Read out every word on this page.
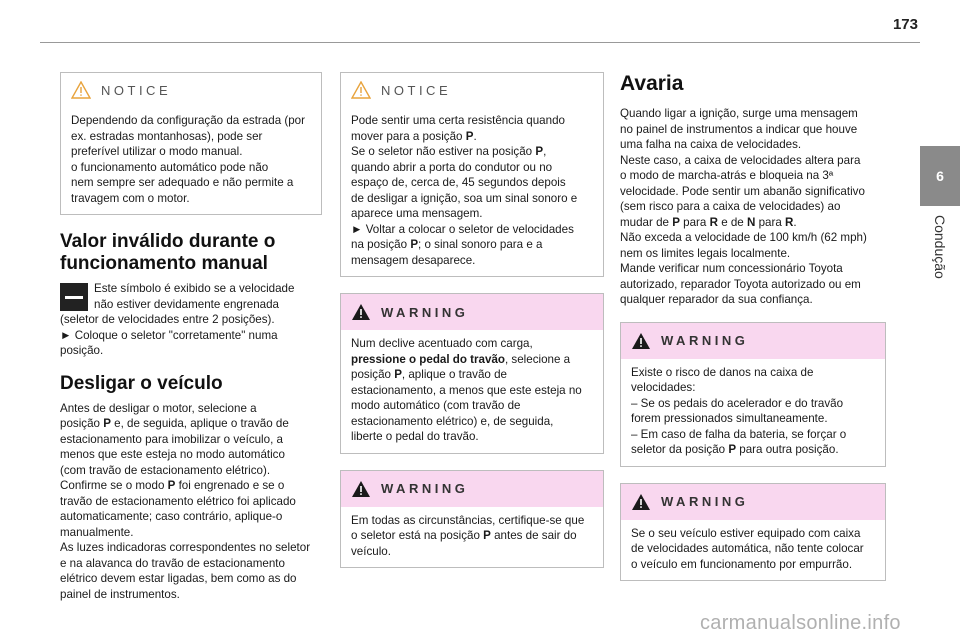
173
6
Condução
NOTICE

Dependendo da configuração da estrada (por

ex. estradas montanhosas), pode ser

preferível utilizar o modo manual.

o funcionamento automático pode não

nem sempre ser adequado e não permite a

travagem com o motor.

Valor inválido durante o funcionamento manual
Este símbolo é exibido se a velocidade
não estiver devidamente engrenada
(seletor de velocidades entre 2 posições).
► Coloque o seletor "corretamente" numa
posição.
Desligar o veículo

Antes de desligar o motor, selecione a

posição P e, de seguida, aplique o travão de

estacionamento para imobilizar o veículo, a

menos que este esteja no modo automático

(com travão de estacionamento elétrico).

Confirme se o modo P foi engrenado e se o

travão de estacionamento elétrico foi aplicado

automaticamente; caso contrário, aplique-o

manualmente.

As luzes indicadoras correspondentes no seletor

e na alavanca do travão de estacionamento

elétrico devem estar ligadas, bem como as do

painel de instrumentos.

NOTICE

Pode sentir uma certa resistência quando

mover para a posição P.

Se o seletor não estiver na posição P,

quando abrir a porta do condutor ou no

espaço de, cerca de, 45 segundos depois

de desligar a ignição, soa um sinal sonoro e

aparece uma mensagem.

► Voltar a colocar o seletor de velocidades

na posição P; o sinal sonoro para e a

mensagem desaparece.

WARNING

Num declive acentuado com carga,

pressione o pedal do travão, selecione a

posição P, aplique o travão de

estacionamento, a menos que este esteja no

modo automático (com travão de

estacionamento elétrico) e, de seguida,

liberte o pedal do travão.

WARNING

Em todas as circunstâncias, certifique-se que

o seletor está na posição P antes de sair do

veículo.

Avaria

Quando ligar a ignição, surge uma mensagem

no painel de instrumentos a indicar que houve

uma falha na caixa de velocidades.

Neste caso, a caixa de velocidades altera para

o modo de marcha-atrás e bloqueia na 3ª

velocidade. Pode sentir um abanão significativo

(sem risco para a caixa de velocidades) ao

mudar de P para R e de N para R.

Não exceda a velocidade de 100 km/h (62 mph)

nem os limites legais localmente.

Mande verificar num concessionário Toyota

autorizado, reparador Toyota autorizado ou em

qualquer reparador da sua confiança.

WARNING

Existe o risco de danos na caixa de

velocidades:

– Se os pedais do acelerador e do travão

forem pressionados simultaneamente.

– Em caso de falha da bateria, se forçar o

seletor da posição P para outra posição.

WARNING

Se o seu veículo estiver equipado com caixa

de velocidades automática, não tente colocar

o veículo em funcionamento por empurrão.

carmanualsonline.info
